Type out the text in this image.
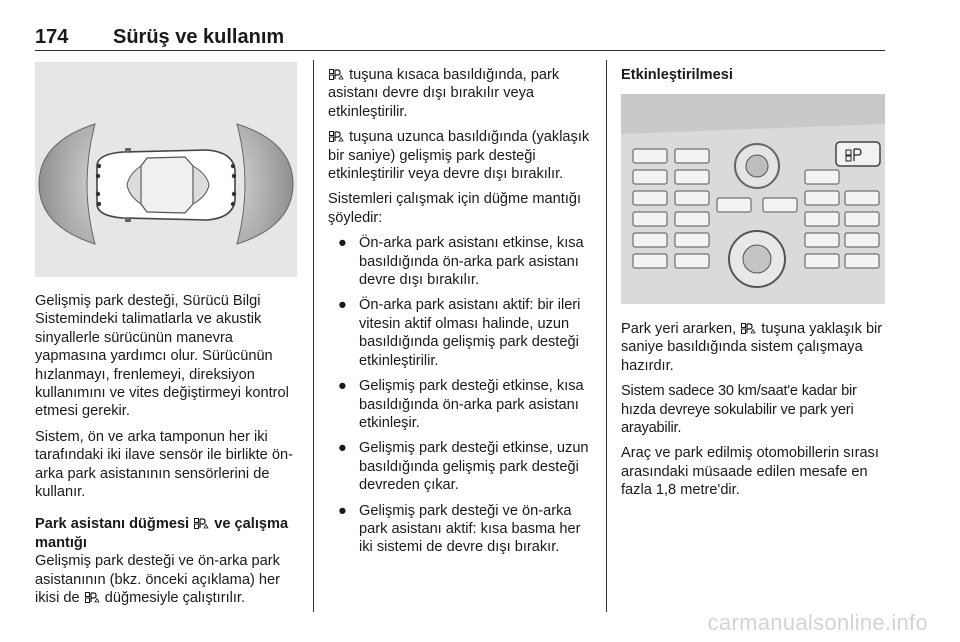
174 Sürüş ve kullanım

Gelişmiş park desteği, Sürücü Bilgi Sistemindeki talimatlarla ve akustik sinyallerle sürücünün manevra yapmasına yardımcı olur. Sürücünün hızlanmayı, frenlemeyi, direksiyon kullanımını ve vites değiştirmeyi kontrol etmesi gerekir.

Sistem, ön ve arka tamponun her iki tarafındaki iki ilave sensör ile birlikte ön-arka park asistanının sensörlerini de kullanır.

Park asistanı düğmesi ve çalışma mantığı

Gelişmiş park desteği ve ön-arka park asistanının (bkz. önceki açıklama) her ikisi de düğmesiyle çalıştırılır.

tuşuna kısaca basıldığında, park asistanı devre dışı bırakılır veya etkinleştirilir.

tuşuna uzunca basıldığında (yaklaşık bir saniye) gelişmiş park desteği etkinleştirilir veya devre dışı bırakılır.

Sistemleri çalışmak için düğme mantığı şöyledir:

● Ön-arka park asistanı etkinse, kısa basıldığında ön-arka park asistanı devre dışı bırakılır.
● Ön-arka park asistanı aktif: bir ileri vitesin aktif olması halinde, uzun basıldığında gelişmiş park desteği etkinleştirilir.
● Gelişmiş park desteği etkinse, kısa basıldığında ön-arka park asistanı etkinleşir.
● Gelişmiş park desteği etkinse, uzun basıldığında gelişmiş park desteği devreden çıkar.
● Gelişmiş park desteği ve ön-arka park asistanı aktif: kısa basma her iki sistemi de devre dışı bırakır.

Etkinleştirilmesi

Park yeri ararken, tuşuna yaklaşık bir saniye basıldığında sistem çalışmaya hazırdır.

Sistem sadece 30 km/saat'e kadar bir hızda devreye sokulabilir ve park yeri arayabilir.

Araç ve park edilmiş otomobillerin sırası arasındaki müsaade edilen mesafe en fazla 1,8 metre'dir.

carmanualsonline.info
